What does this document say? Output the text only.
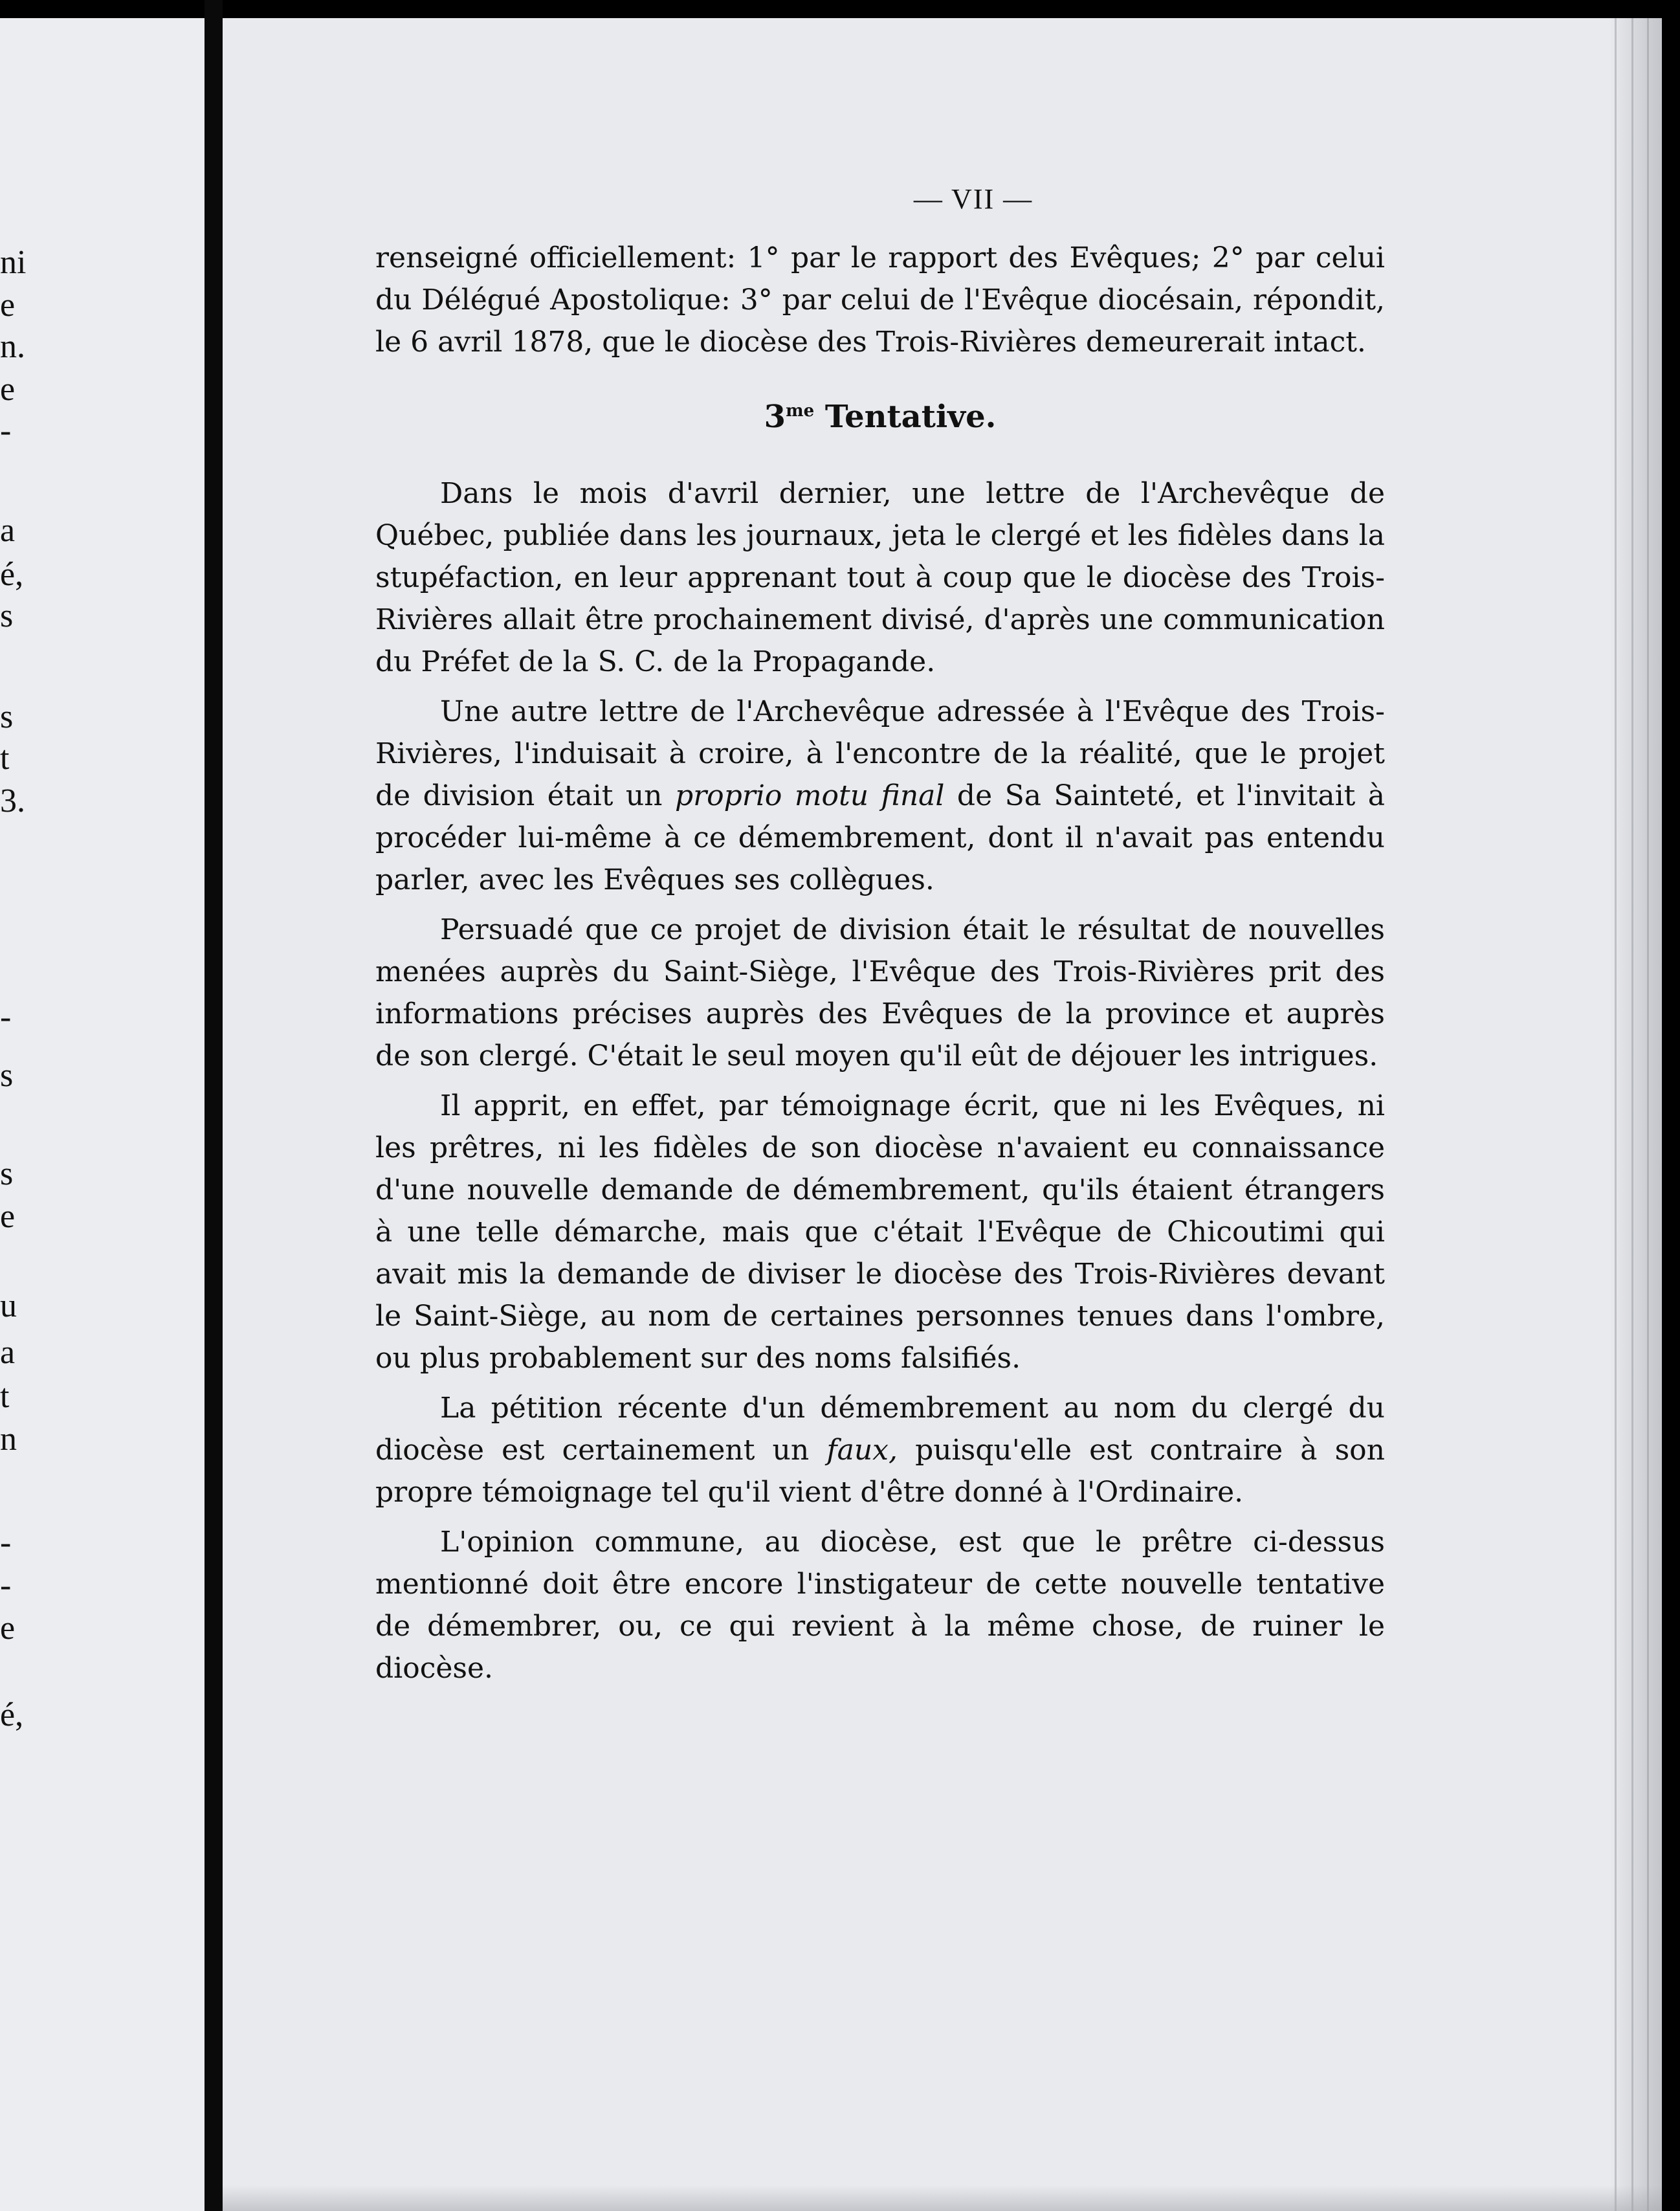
ni
e
n.
e
-
a
é,
s
s
t
3.
-
s
s
e
u
a
t
n
-
-
e
é,
— VII —

renseigné officiellement: 1° par le rapport des Evêques; 2° par celui du Délégué Apostolique: 3° par celui de l'Evêque diocésain, répondit, le 6 avril 1878, que le diocèse des Trois-Rivières demeurerait intact.

$3^{me}$ Tentative.

Dans le mois d'avril dernier, une lettre de l'Archevêque de Québec, publiée dans les journaux, jeta le clergé et les fidèles dans la stupéfaction, en leur apprenant tout à coup que le diocèse des Trois-Rivières allait être prochainement divisé, d'après une communication du Préfet de la S. C. de la Propagande.

Une autre lettre de l'Archevêque adressée à l'Evêque des Trois-Rivières, l'induisait à croire, à l'encontre de la réalité, que le projet de division était un proprio motu final de Sa Sainteté, et l'invitait à procéder lui-même à ce démembrement, dont il n'avait pas entendu parler, avec les Evêques ses collègues.

Persuadé que ce projet de division était le résultat de nouvelles menées auprès du Saint-Siège, l'Evêque des Trois-Rivières prit des informations précises auprès des Evêques de la province et auprès de son clergé. C'était le seul moyen qu'il eût de déjouer les intrigues.

Il apprit, en effet, par témoignage écrit, que ni les Evêques, ni les prêtres, ni les fidèles de son diocèse n'avaient eu connaissance d'une nouvelle demande de démembrement, qu'ils étaient étrangers à une telle démarche, mais que c'était l'Evêque de Chicoutimi qui avait mis la demande de diviser le diocèse des Trois-Rivières devant le Saint-Siège, au nom de certaines personnes tenues dans l'ombre, ou plus probablement sur des noms falsifiés.

La pétition récente d'un démembrement au nom du clergé du diocèse est certainement un faux, puisqu'elle est contraire à son propre témoignage tel qu'il vient d'être donné à l'Ordinaire.

L'opinion commune, au diocèse, est que le prêtre ci-dessus mentionné doit être encore l'instigateur de cette nouvelle tentative de démembrer, ou, ce qui revient à la même chose, de ruiner le diocèse.
